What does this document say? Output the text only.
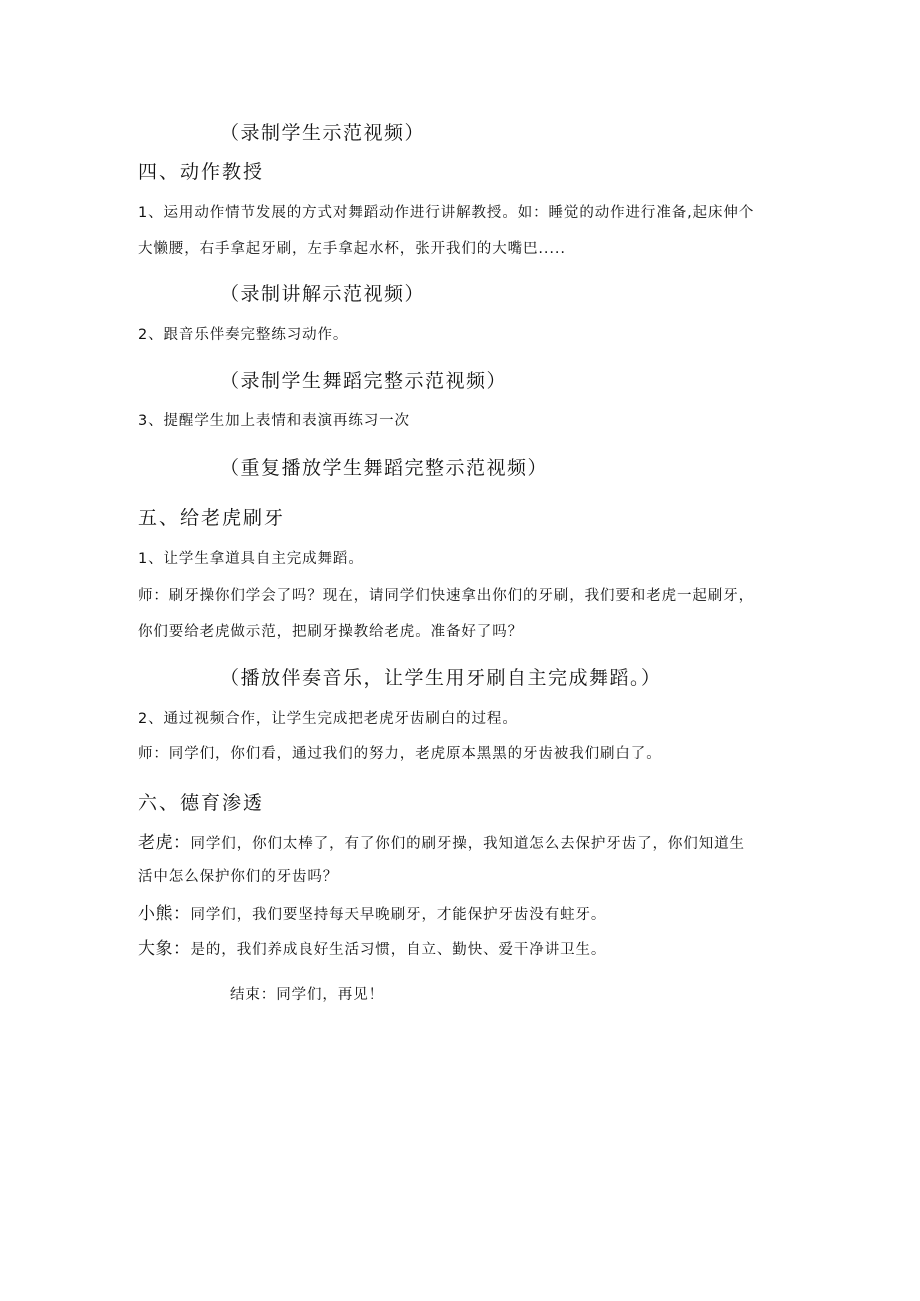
（录制学生示范视频）
四、动作教授
1、运用动作情节发展的方式对舞蹈动作进行讲解教授。如：睡觉的动作进行准备,起床伸个
大懒腰，右手拿起牙刷，左手拿起水杯，张开我们的大嘴巴.....
（录制讲解示范视频）
2、跟音乐伴奏完整练习动作。
（录制学生舞蹈完整示范视频）
3、提醒学生加上表情和表演再练习一次
（重复播放学生舞蹈完整示范视频）
五、给老虎刷牙
1、让学生拿道具自主完成舞蹈。
师：刷牙操你们学会了吗？现在，请同学们快速拿出你们的牙刷，我们要和老虎一起刷牙，
你们要给老虎做示范，把刷牙操教给老虎。准备好了吗？
（播放伴奏音乐，让学生用牙刷自主完成舞蹈。）
2、通过视频合作，让学生完成把老虎牙齿刷白的过程。
师：同学们，你们看，通过我们的努力，老虎原本黑黑的牙齿被我们刷白了。
六、德育渗透
老虎：同学们，你们太棒了，有了你们的刷牙操，我知道怎么去保护牙齿了，你们知道生
活中怎么保护你们的牙齿吗？
小熊：同学们，我们要坚持每天早晚刷牙，才能保护牙齿没有蛀牙。
大象：是的，我们养成良好生活习惯，自立、勤快、爱干净讲卫生。
结束：同学们，再见！
